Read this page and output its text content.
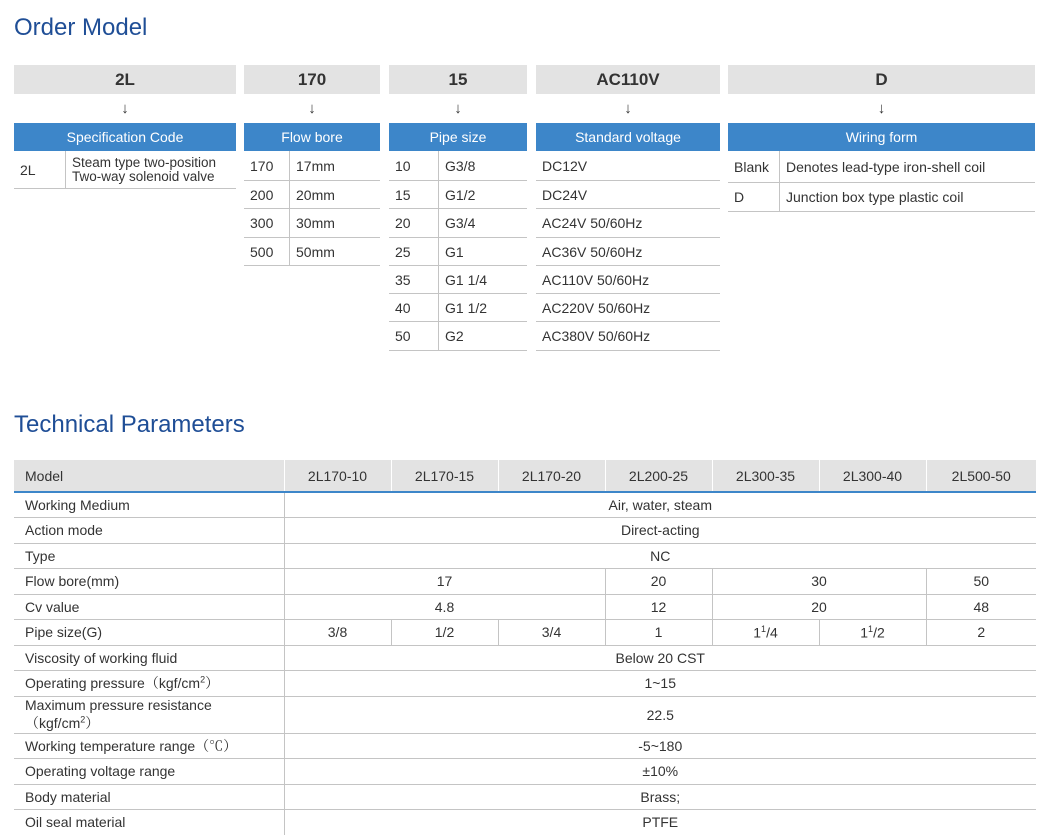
Order Model
2L
↓
Specification Code
2L	Steam type two-position
Two-way solenoid valve
170
↓
Flow bore
170	17mm
200	20mm
300	30mm
500	50mm
15
↓
Pipe size
10	G3/8
15	G1/2
20	G3/4
25	G1
35	G1 1/4
40	G1 1/2
50	G2
AC110V
↓
Standard voltage
DC12V
DC24V
AC24V 50/60Hz
AC36V 50/60Hz
AC110V 50/60Hz
AC220V 50/60Hz
AC380V 50/60Hz
D
↓
Wiring form
Blank	Denotes lead-type iron-shell coil
D	Junction box type plastic coil
Technical Parameters
Model	2L170-10	2L170-15	2L170-20	2L200-25	2L300-35	2L300-40	2L500-50
Working Medium	Air, water, steam						
Action mode	Direct-acting						
Type	NC						
Flow bore(mm)	17			20	30		50
Cv value	4.8			12	20		48
Pipe size(G)	3/8	1/2	3/4	1	$1^1/4$	$1^1/2$	2
Viscosity of working fluid	Below 20 CST						
Operating $pressure(kgf/cm^2)$	1~15						
Maximum pressure $resistance(kgf/cm^2)$	22.5						
Working temperature range（℃）	-5~180						
Operating voltage range	±10%						
Body material	Brass;						
Oil seal material	PTFE						
